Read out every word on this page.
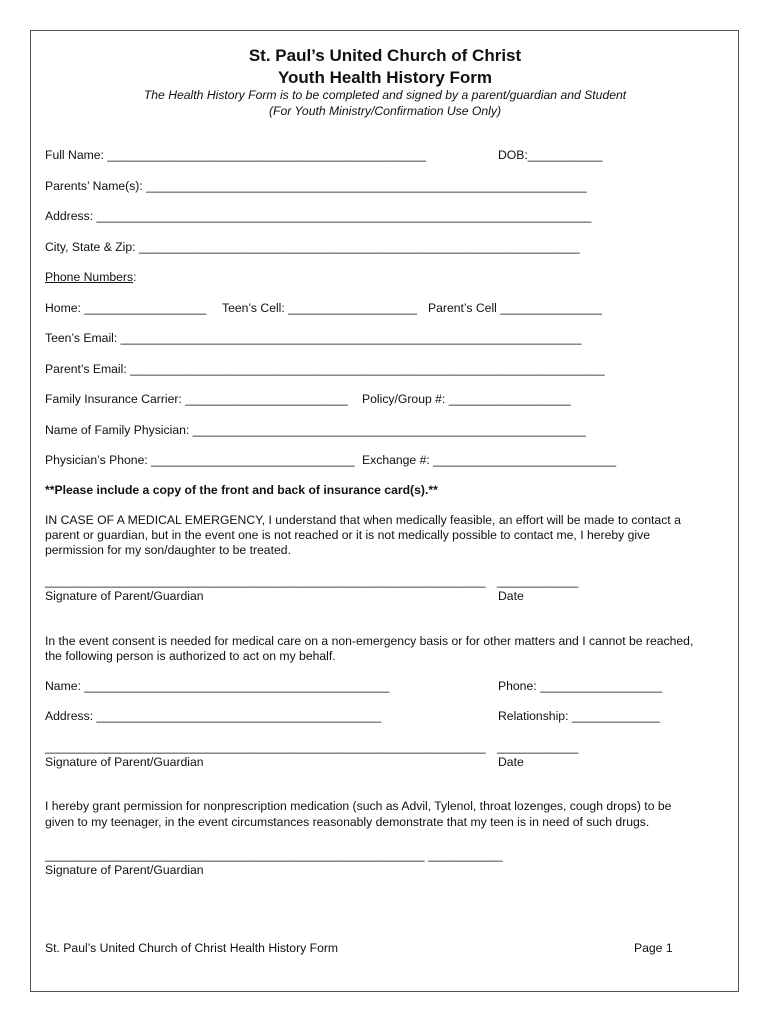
St. Paul’s United Church of Christ
Youth Health History Form
The Health History Form is to be completed and signed by a parent/guardian and Student
(For Youth Ministry/Confirmation Use Only)
Full Name: _______________________________________________	DOB:___________
Parents’ Name(s): _________________________________________________________________
Address: _________________________________________________________________________
City, State & Zip: _________________________________________________________________
Phone Numbers:
Home: __________________ Teen’s Cell: ___________________ Parent’s Cell _______________
Teen’s Email: ____________________________________________________________________
Parent’s Email: ______________________________________________________________________
Family Insurance Carrier: ________________________ Policy/Group #: __________________
Name of Family Physician: __________________________________________________________
Physician’s Phone: ______________________________ Exchange #: ___________________________
**Please include a copy of the front and back of insurance card(s).**
IN CASE OF A MEDICAL EMERGENCY, I understand that when medically feasible, an effort will be made to contact a
parent or guardian, but in the event one is not reached or it is not medically possible to contact me, I hereby give
permission for my son/daughter to be treated.
_________________________________________________________________ ____________
Signature of Parent/Guardian	Date
In the event consent is needed for medical care on a non-emergency basis or for other matters and I cannot be reached,
the following person is authorized to act on my behalf.
Name: _____________________________________________	Phone: __________________
Address: __________________________________________	Relationship: _____________
_________________________________________________________________ ____________
Signature of Parent/Guardian	Date
I hereby grant permission for nonprescription medication (such as Advil, Tylenol, throat lozenges, cough drops) to be
given to my teenager, in the event circumstances reasonably demonstrate that my teen is in need of such drugs.
________________________________________________________ ___________
Signature of Parent/Guardian
St. Paul’s United Church of Christ Health History Form	Page 1
